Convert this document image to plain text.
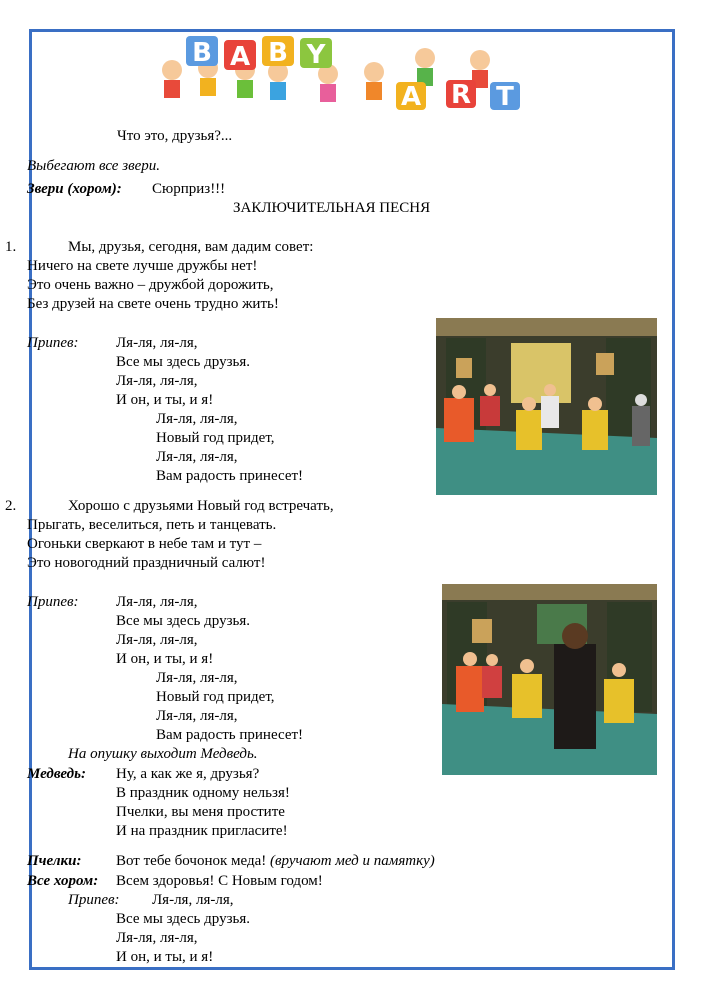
B A B Y
A R T
Что это, друзья?...
Выбегают все звери.
Звери (хором): Сюрприз!!!
ЗАКЛЮЧИТЕЛЬНАЯ ПЕСНЯ
1.	Мы, друзья, сегодня, вам дадим совет:
Ничего на свете лучше дружбы нет!
Это очень важно – дружбой дорожить,
Без друзей на свете очень трудно жить!
Припев:	Ля-ля, ля-ля,
Все мы здесь друзья.
Ля-ля, ля-ля,
И он, и ты, и я!
Ля-ля, ля-ля,
Новый год придет,
Ля-ля, ля-ля,
Вам радость принесет!
2.	Хорошо с друзьями Новый год встречать,
Прыгать, веселиться, петь и танцевать.
Огоньки сверкают в небе там и тут –
Это новогодний праздничный салют!
Припев:	Ля-ля, ля-ля,
Все мы здесь друзья.
Ля-ля, ля-ля,
И он, и ты, и я!
Ля-ля, ля-ля,
Новый год придет,
Ля-ля, ля-ля,
Вам радость принесет!
На опушку выходит Медведь.
Медведь: Ну, а как же я, друзья?
В праздник одному нельзя!
Пчелки, вы меня простите
И на праздник пригласите!
Пчелки: Вот тебе бочонок меда! (вручают мед и памятку)
Все хором: Всем здоровья! С Новым годом!
Припев: Ля-ля, ля-ля,
Все мы здесь друзья.
Ля-ля, ля-ля,
И он, и ты, и я!
